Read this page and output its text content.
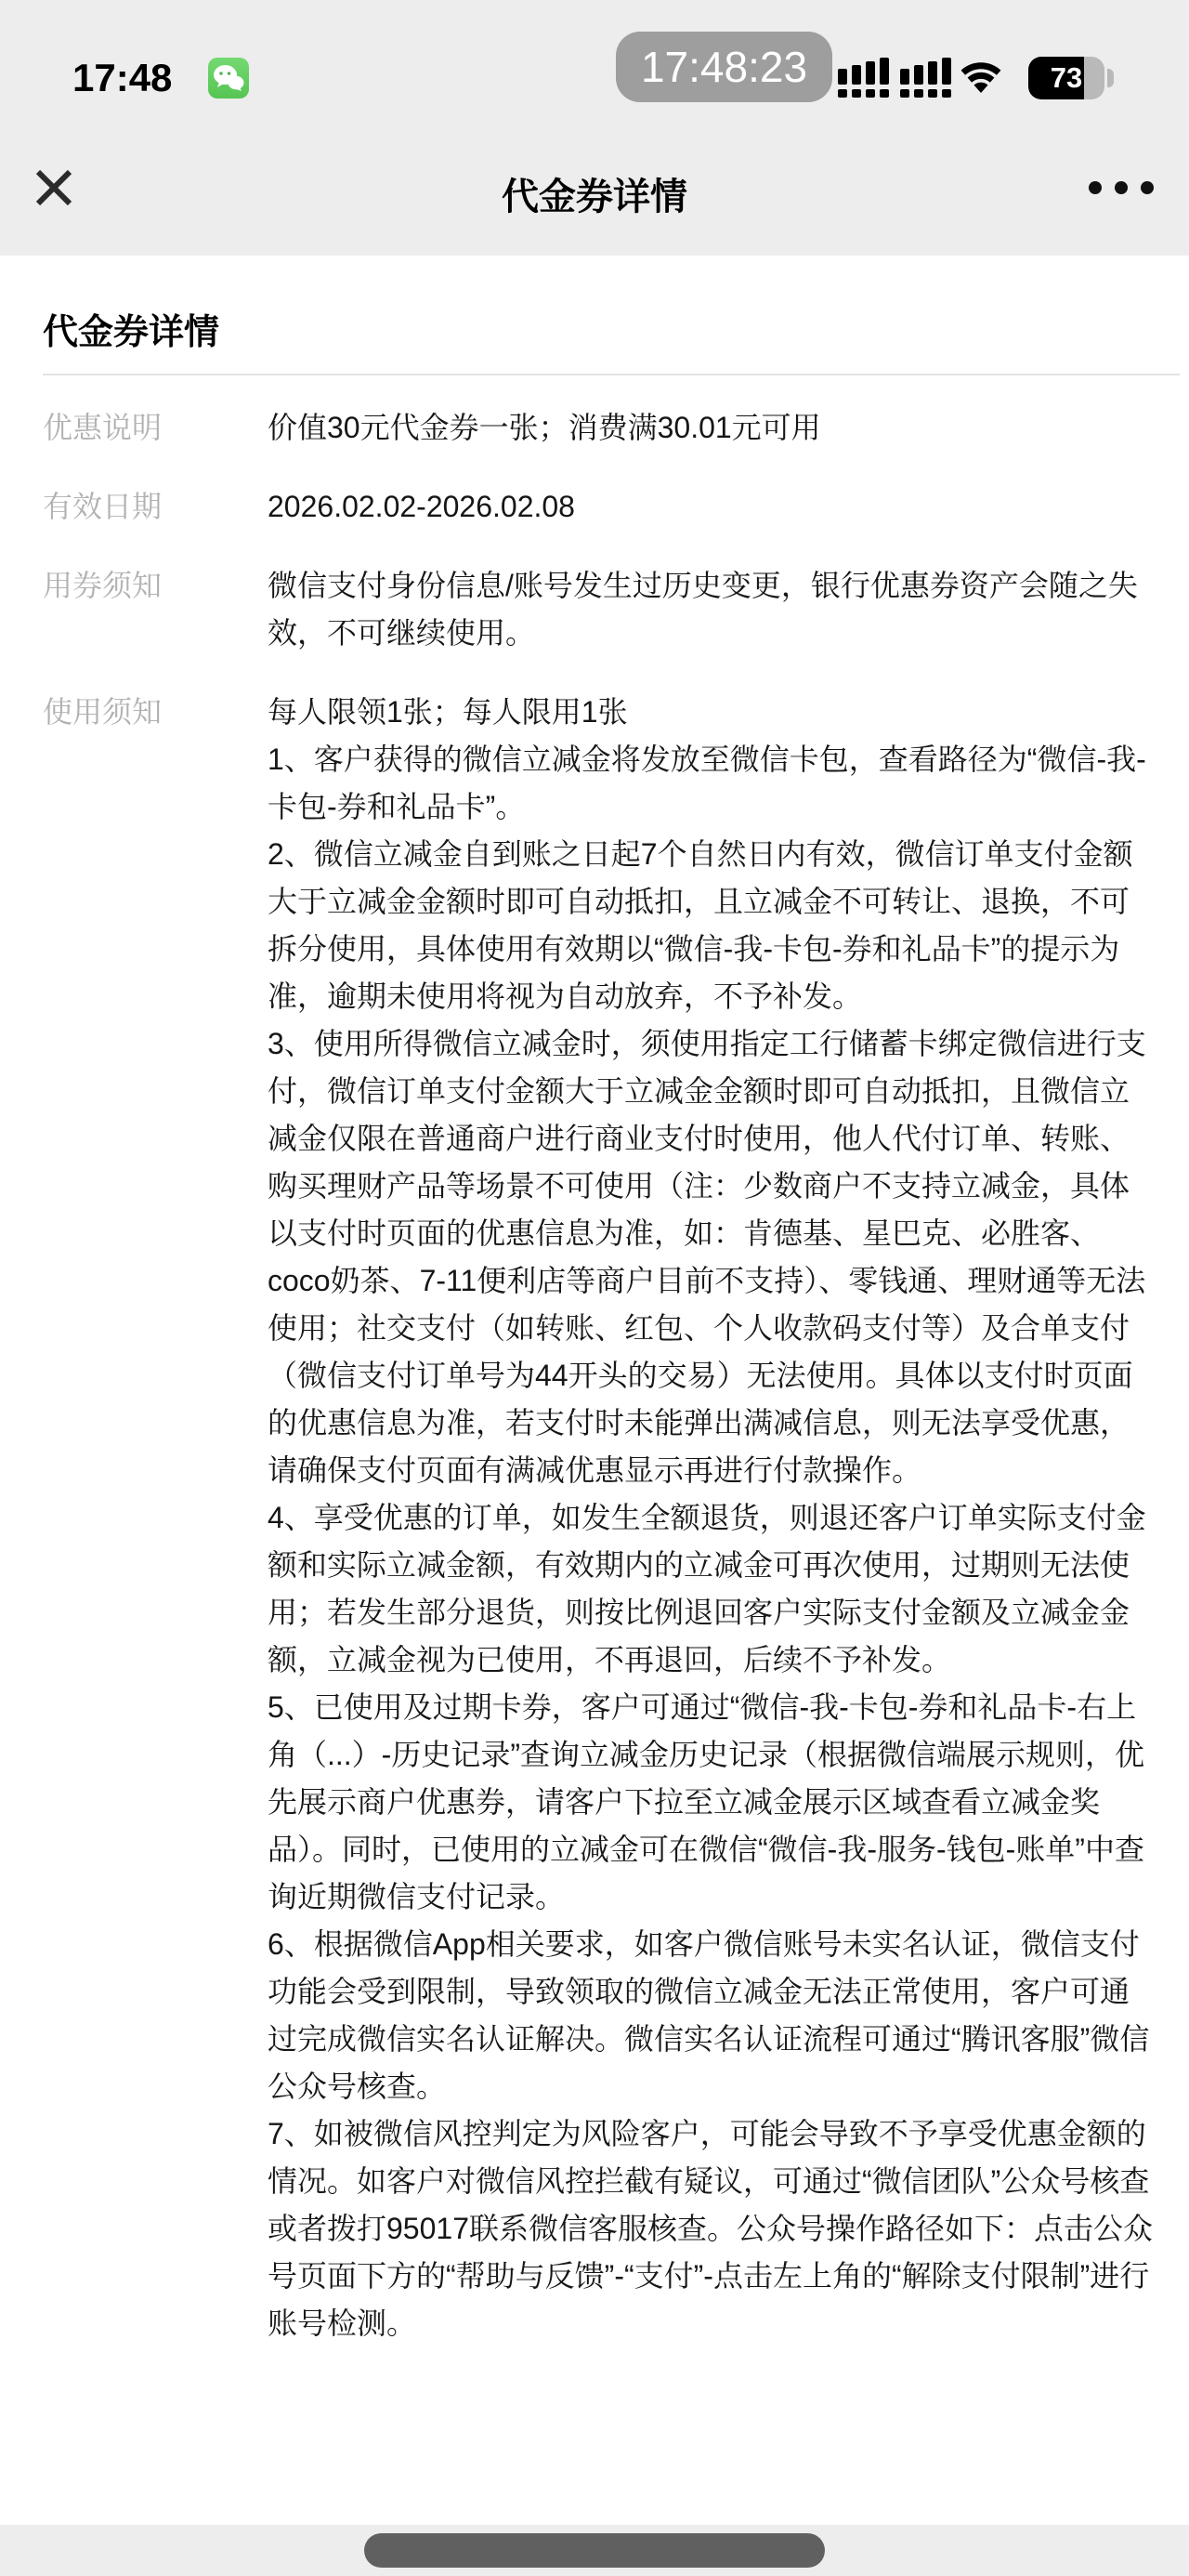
17:48	17:48:23	73
代金券详情
代金券详情
优惠说明	价值30元代金券一张；消费满30.01元可用
有效日期	2026.02.02-2026.02.08
用券须知	微信支付身份信息/账号发生过历史变更，银行优惠券资产会随之失效，不可继续使用。
使用须知	每人限领1张；每人限用1张

1、客户获得的微信立减金将发放至微信卡包，查看路径为“微信-我-卡包-券和礼品卡”。

2、微信立减金自到账之日起7个自然日内有效，微信订单支付金额大于立减金金额时即可自动抵扣，且立减金不可转让、退换，不可拆分使用，具体使用有效期以“微信-我-卡包-券和礼品卡”的提示为准，逾期未使用将视为自动放弃，不予补发。

3、使用所得微信立减金时，须使用指定工行储蓄卡绑定微信进行支付，微信订单支付金额大于立减金金额时即可自动抵扣，且微信立减金仅限在普通商户进行商业支付时使用，他人代付订单、转账、购买理财产品等场景不可使用（注：少数商户不支持立减金，具体以支付时页面的优惠信息为准，如：肯德基、星巴克、必胜客、coco奶茶、7-11便利店等商户目前不支持）、零钱通、理财通等无法使用；社交支付（如转账、红包、个人收款码支付等）及合单支付（微信支付订单号为44开头的交易）无法使用。具体以支付时页面的优惠信息为准，若支付时未能弹出满减信息，则无法享受优惠，请确保支付页面有满减优惠显示再进行付款操作。

4、享受优惠的订单，如发生全额退货，则退还客户订单实际支付金额和实际立减金额，有效期内的立减金可再次使用，过期则无法使用；若发生部分退货，则按比例退回客户实际支付金额及立减金金额，立减金视为已使用，不再退回，后续不予补发。

5、已使用及过期卡券，客户可通过“微信-我-卡包-券和礼品卡-右上角（...）-历史记录”查询立减金历史记录（根据微信端展示规则，优先展示商户优惠券，请客户下拉至立减金展示区域查看立减金奖品）。同时，已使用的立减金可在微信“微信-我-服务-钱包-账单”中查询近期微信支付记录。

6、根据微信App相关要求，如客户微信账号未实名认证，微信支付功能会受到限制，导致领取的微信立减金无法正常使用，客户可通过完成微信实名认证解决。微信实名认证流程可通过“腾讯客服”微信公众号核查。

7、如被微信风控判定为风险客户，可能会导致不予享受优惠金额的情况。如客户对微信风控拦截有疑议，可通过“微信团队”公众号核查或者拨打95017联系微信客服核查。公众号操作路径如下：点击公众号页面下方的“帮助与反馈”-“支付”-点击左上角的“解除支付限制”进行账号检测。
